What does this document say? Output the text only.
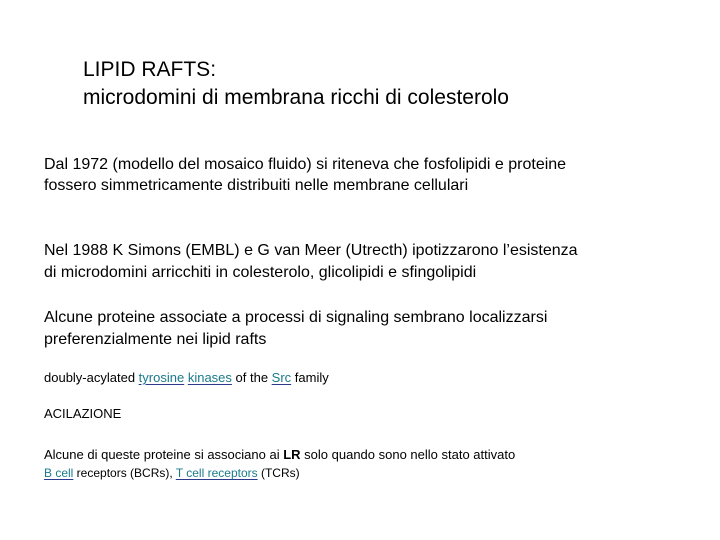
LIPID RAFTS:
microdomini di membrana ricchi di colesterolo

Dal 1972 (modello del mosaico fluido) si riteneva che fosfolipidi e proteine
fossero simmetricamente distribuiti nelle membrane cellulari

Nel 1988 K Simons (EMBL) e G van Meer (Utrecth) ipotizzarono l’esistenza
di microdomini arricchiti in colesterolo, glicolipidi e sfingolipidi

Alcune proteine associate a processi di signaling sembrano localizzarsi
preferenzialmente nei lipid rafts

doubly-acylated tyrosine kinases of the Src family

ACILAZIONE

Alcune di queste proteine si associano ai LR solo quando sono nello stato attivato

B cell receptors (BCRs), T cell receptors (TCRs)
